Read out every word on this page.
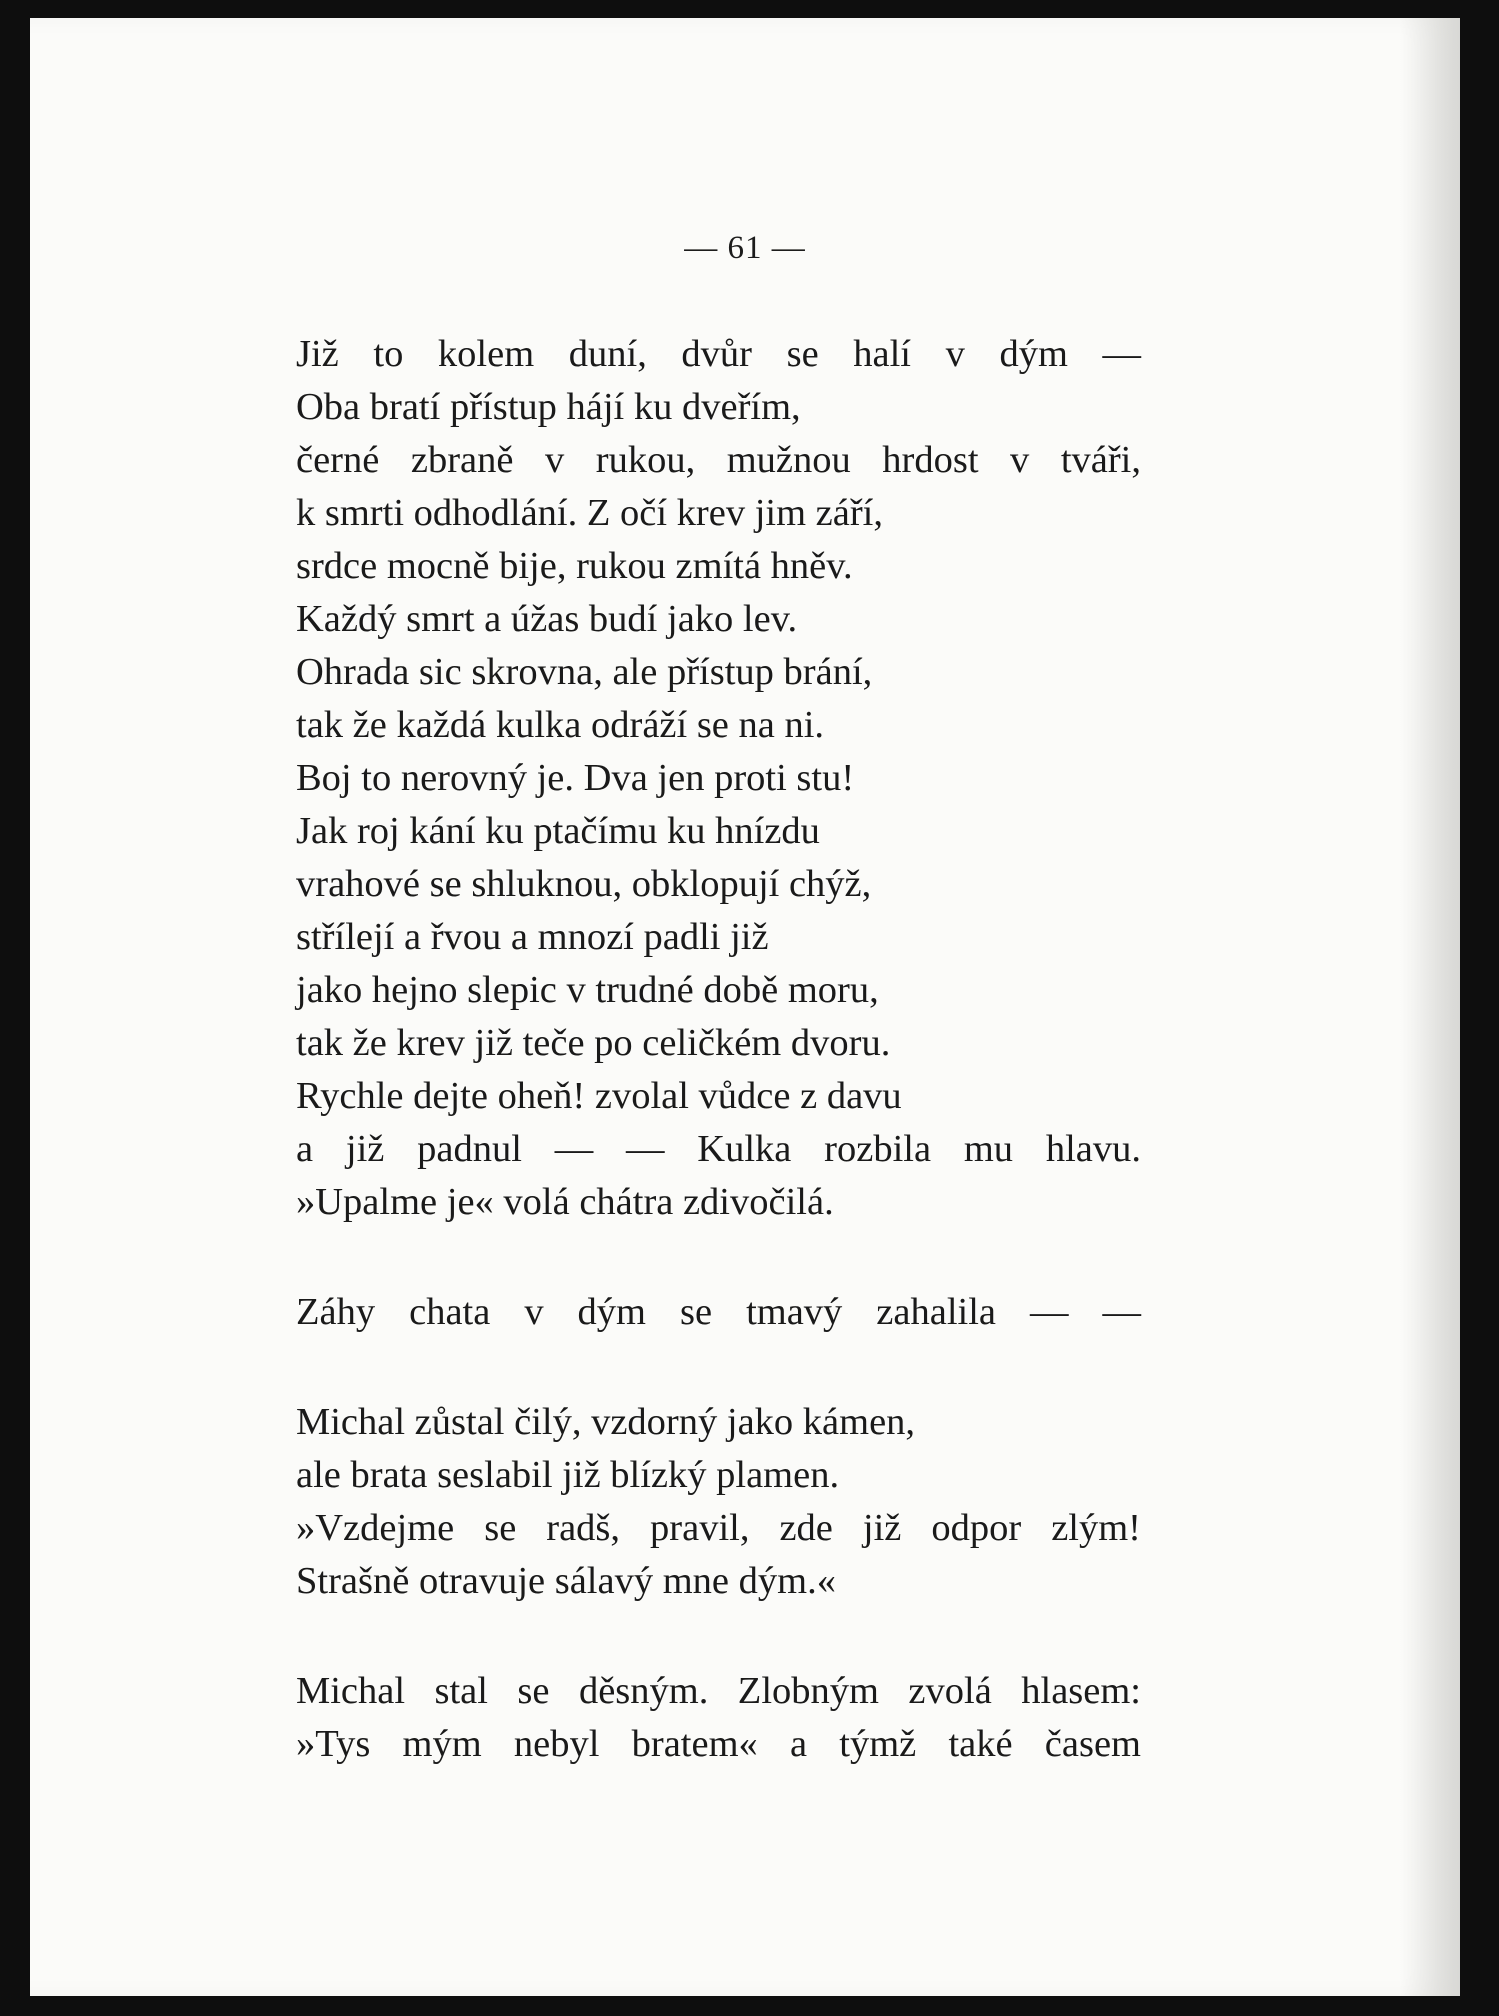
— 61 —
Již to kolem duní, dvůr se halí v dým —
Oba bratí přístup hájí ku dveřím,
černé zbraně v rukou, mužnou hrdost v tváři,
k smrti odhodlání. Z očí krev jim září,
srdce mocně bije, rukou zmítá hněv.
Každý smrt a úžas budí jako lev.
Ohrada sic skrovna, ale přístup brání,
tak že každá kulka odráží se na ni.
Boj to nerovný je. Dva jen proti stu!
Jak roj kání ku ptačímu ku hnízdu
vrahové se shluknou, obklopují chýž,
střílejí a řvou a mnozí padli již
jako hejno slepic v trudné době moru,
tak že krev již teče po celičkém dvoru.
Rychle dejte oheň! zvolal vůdce z davu
a již padnul — — Kulka rozbila mu hlavu.
»Upalme je« volá chátra zdivočilá.
Záhy chata v dým se tmavý zahalila — —
Michal zůstal čilý, vzdorný jako kámen,
ale brata seslabil již blízký plamen.
»Vzdejme se radš, pravil, zde již odpor zlým!
Strašně otravuje sálavý mne dým.«
Michal stal se děsným. Zlobným zvolá hlasem:
»Tys mým nebyl bratem« a týmž také časem
